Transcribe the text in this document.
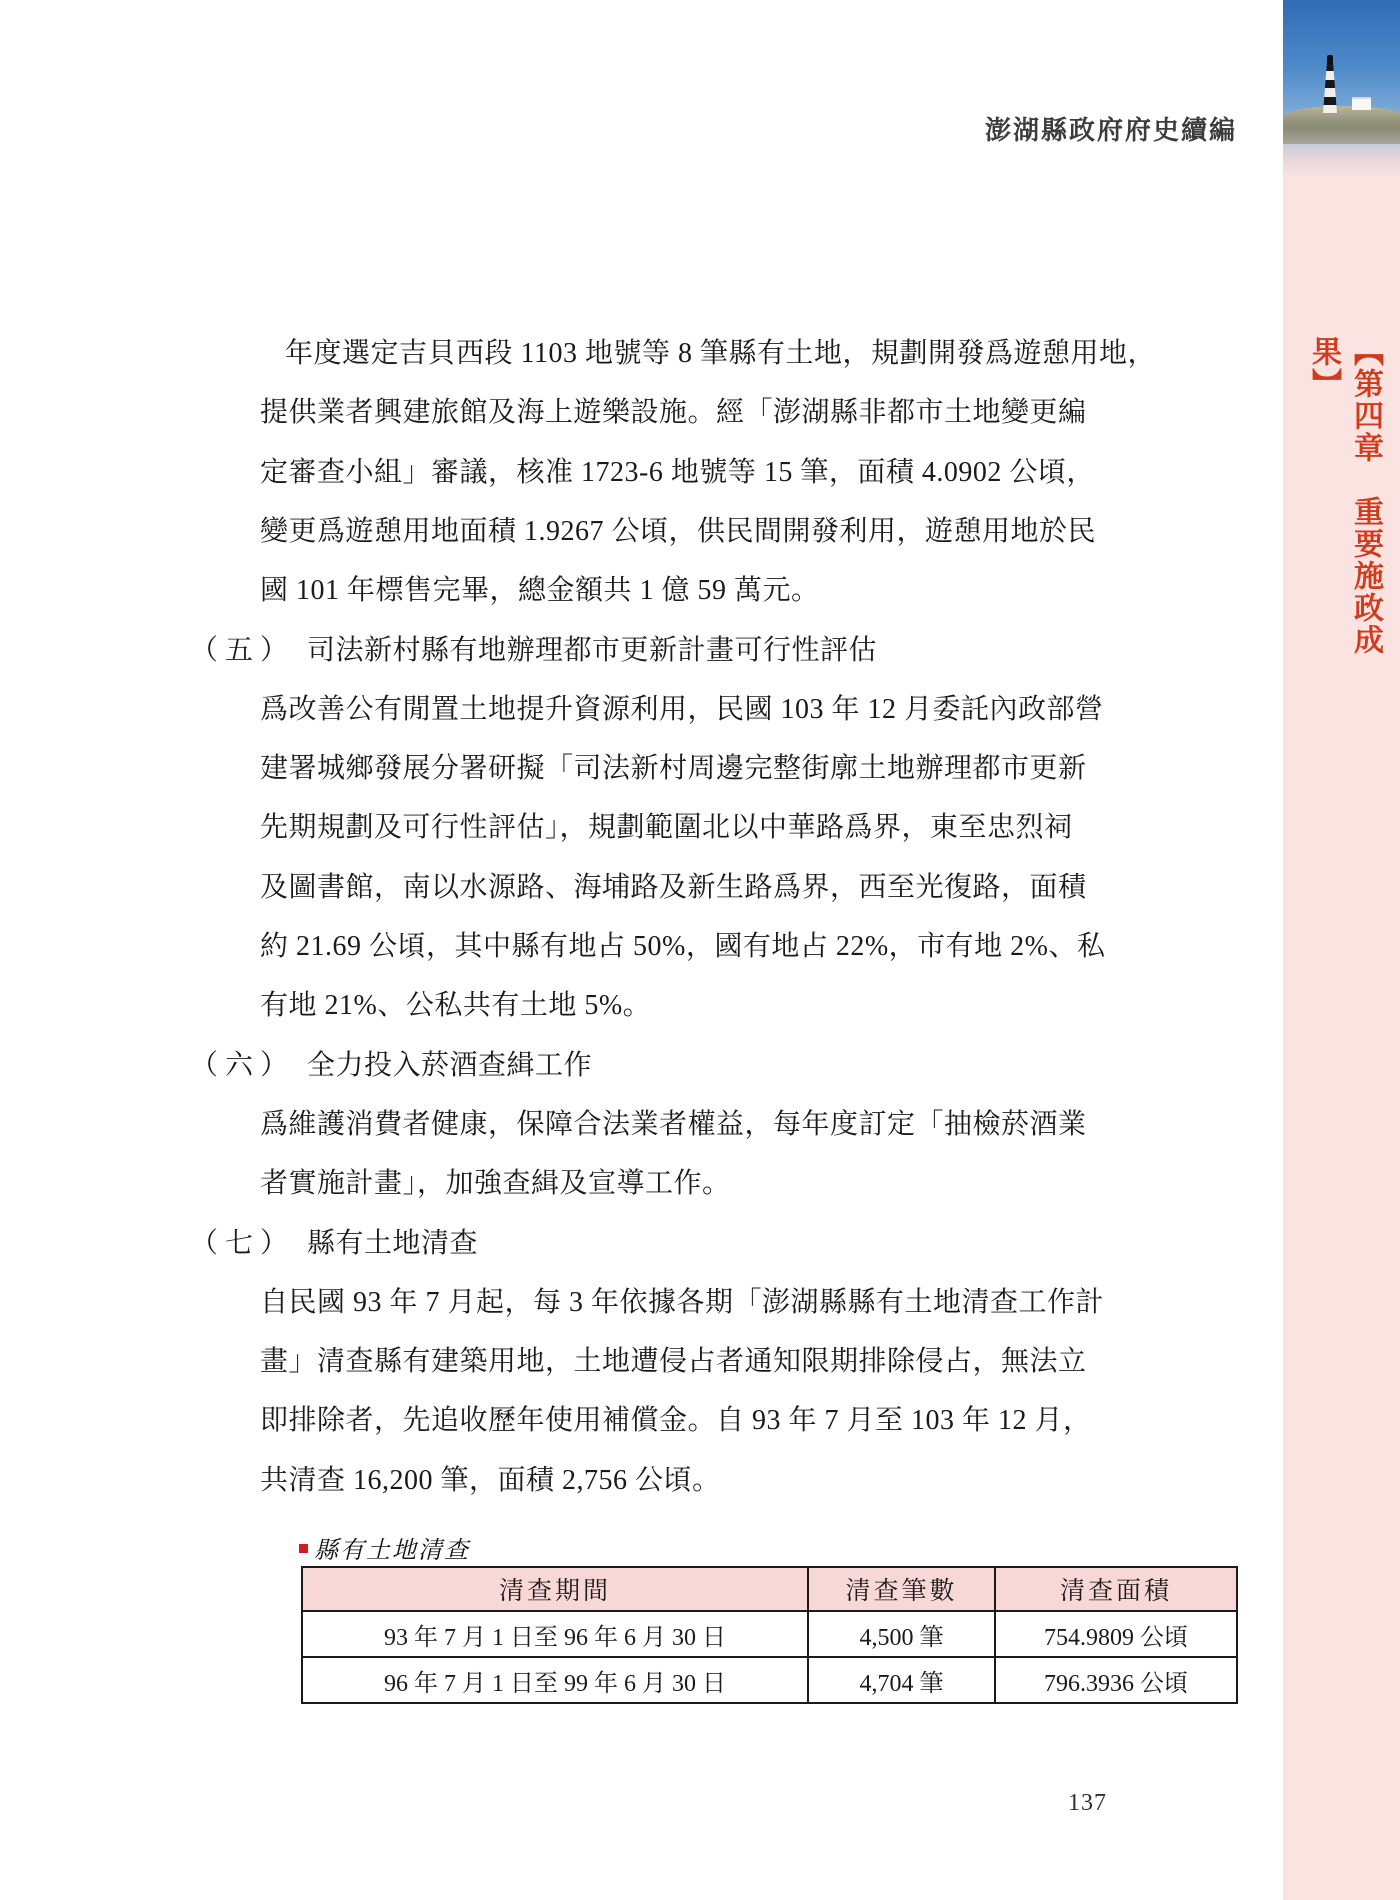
澎湖縣政府府史續編
【第四章　重要施政成果】
年度選定吉貝西段 1103 地號等 8 筆縣有土地，規劃開發爲遊憩用地，
提供業者興建旅館及海上遊樂設施。經「澎湖縣非都市土地變更編
定審查小組」審議，核准 1723-6 地號等 15 筆，面積 4.0902 公頃，
變更爲遊憩用地面積 1.9267 公頃，供民間開發利用，遊憩用地於民
國 101 年標售完畢，總金額共 1 億 59 萬元。
（五） 司法新村縣有地辦理都市更新計畫可行性評估
爲改善公有閒置土地提升資源利用，民國 103 年 12 月委託內政部營
建署城鄉發展分署研擬「司法新村周邊完整街廓土地辦理都市更新
先期規劃及可行性評估」，規劃範圍北以中華路爲界，東至忠烈祠
及圖書館，南以水源路、海埔路及新生路爲界，西至光復路，面積
約 21.69 公頃，其中縣有地占 50%，國有地占 22%，市有地 2%、私
有地 21%、公私共有土地 5%。
（六） 全力投入菸酒查緝工作
爲維護消費者健康，保障合法業者權益，每年度訂定「抽檢菸酒業
者實施計畫」，加強查緝及宣導工作。
（七） 縣有土地清查
自民國 93 年 7 月起，每 3 年依據各期「澎湖縣縣有土地清查工作計
畫」清查縣有建築用地，土地遭侵占者通知限期排除侵占，無法立
即排除者，先追收歷年使用補償金。自 93 年 7 月至 103 年 12 月，
共清查 16,200 筆，面積 2,756 公頃。
縣有土地清查
清查期間	清查筆數	清查面積
93 年 7 月 1 日至 96 年 6 月 30 日	4,500 筆	754.9809 公頃
96 年 7 月 1 日至 99 年 6 月 30 日	4,704 筆	796.3936 公頃
137
